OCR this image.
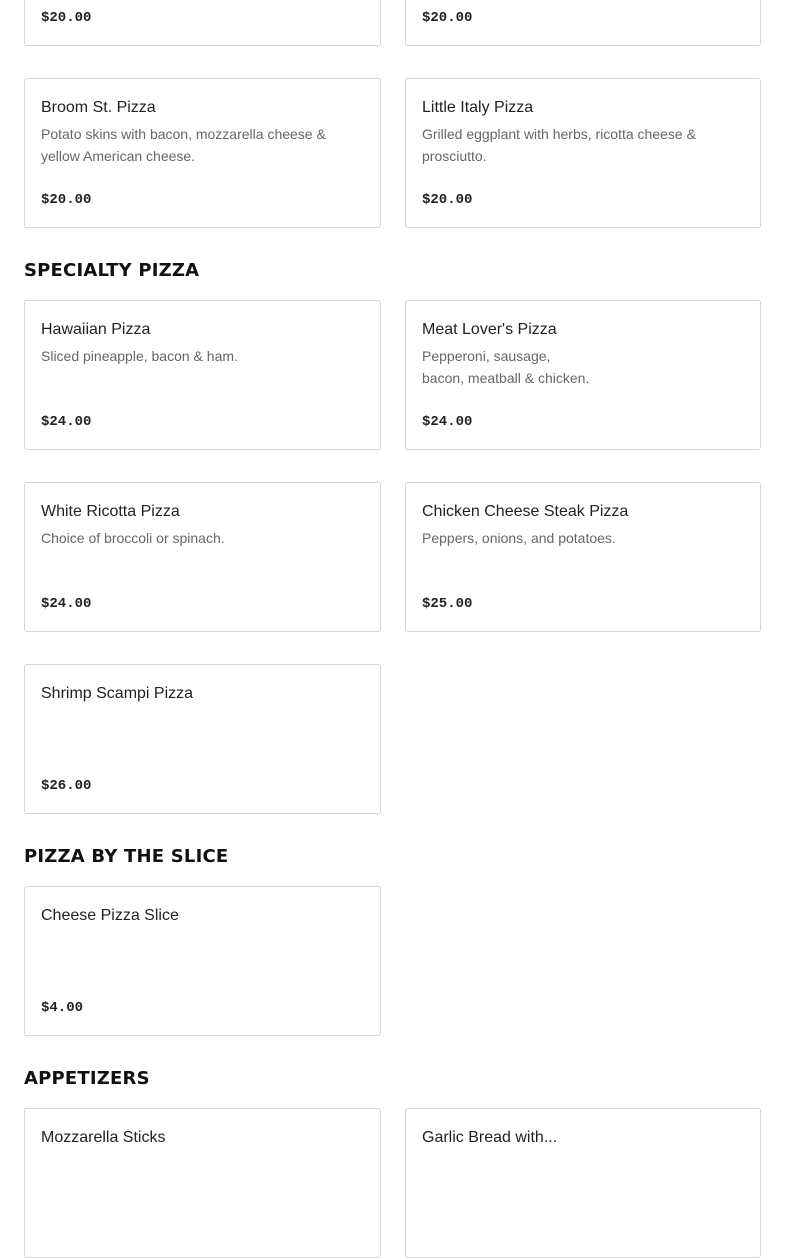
$20.00	$20.00
Broom St. Pizza
Potato skins with bacon, mozzarella cheese & yellow American cheese.
$20.00
Little Italy Pizza
Grilled eggplant with herbs, ricotta cheese & prosciutto.
$20.00
SPECIALTY PIZZA
Hawaiian Pizza
Sliced pineapple, bacon & ham.
$24.00
Meat Lover's Pizza
Pepperoni, sausage,
bacon, meatball & chicken.
$24.00
White Ricotta Pizza
Choice of broccoli or spinach.
$24.00
Chicken Cheese Steak Pizza
Peppers, onions, and potatoes.
$25.00
Shrimp Scampi Pizza
$26.00
PIZZA BY THE SLICE
Cheese Pizza Slice
$4.00
APPETIZERS
Mozzarella Sticks	Garlic Bread with...
